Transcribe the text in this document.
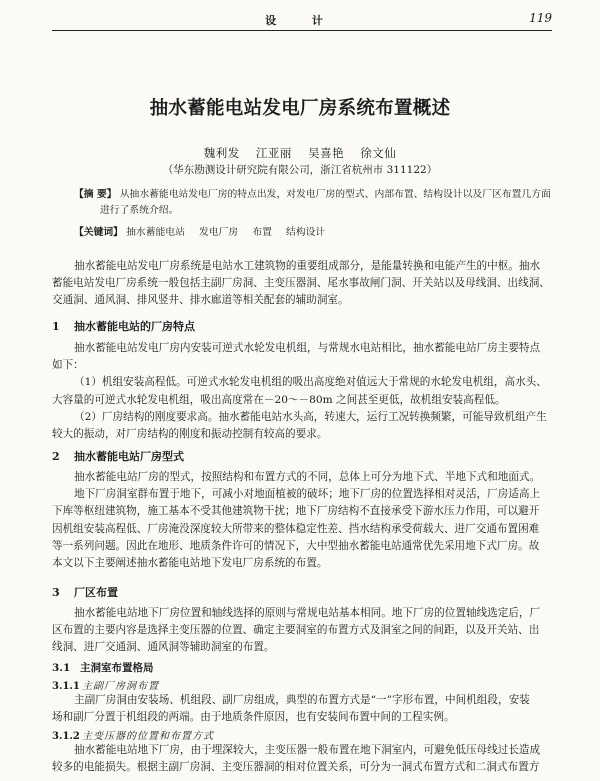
设 计	119
抽水蓄能电站发电厂房系统布置概述
魏利发 江亚丽 吴喜艳 徐文仙
（华东勘测设计研究院有限公司，浙江省杭州市 311122）
【摘 要】 从抽水蓄能电站发电厂房的特点出发，对发电厂房的型式、内部布置、结构设计以及厂区布置几方面
进行了系统介绍。
【关键词】 抽水蓄能电站 发电厂房 布置 结构设计
抽水蓄能电站发电厂房系统是电站水工建筑物的重要组成部分，是能量转换和电能产生的中枢。抽水
蓄能电站发电厂房系统一般包括主副厂房洞、主变压器洞、尾水事故闸门洞、开关站以及母线洞、出线洞、
交通洞、通风洞、排风竖井、排水廊道等相关配套的辅助洞室。
1 抽水蓄能电站的厂房特点
抽水蓄能电站发电厂房内安装可逆式水轮发电机组，与常规水电站相比，抽水蓄能电站厂房主要特点
如下：
（1）机组安装高程低。可逆式水轮发电机组的吸出高度绝对值远大于常规的水轮发电机组，高水头、
大容量的可逆式水轮发电机组，吸出高度常在－20～－80m 之间甚至更低，故机组安装高程低。
（2）厂房结构的刚度要求高。抽水蓄能电站水头高，转速大，运行工况转换频繁，可能导致机组产生
较大的振动，对厂房结构的刚度和振动控制有较高的要求。
2 抽水蓄能电站厂房型式
抽水蓄能电站厂房的型式，按照结构和布置方式的不同，总体上可分为地下式、半地下式和地面式。
地下厂房洞室群布置于地下，可减小对地面植被的破坏；地下厂房的位置选择相对灵活，厂房适高上
下库等枢纽建筑物，施工基本不受其他建筑物干扰；地下厂房结构不直接承受下游水压力作用，可以避开
因机组安装高程低、厂房淹没深度较大所带来的整体稳定性差、挡水结构承受荷载大、进厂交通布置困难
等一系列问题。因此在地形、地质条件许可的情况下，大中型抽水蓄能电站通常优先采用地下式厂房。故
本文以下主要阐述抽水蓄能电站地下发电厂房系统的布置。
3 厂区布置
抽水蓄能电站地下厂房位置和轴线选择的原则与常规电站基本相同。地下厂房的位置轴线选定后，厂
区布置的主要内容是选择主变压器的位置、确定主要洞室的布置方式及洞室之间的间距，以及开关站、出
线洞、进厂交通洞、通风洞等辅助洞室的布置。
3.1 主洞室布置格局
3.1.1 主副厂房洞布置
主副厂房洞由安装场、机组段、副厂房组成，典型的布置方式是“一”字形布置，中间机组段，安装
场和副厂分置于机组段的两端。由于地质条件原因，也有安装间布置中间的工程实例。
3.1.2 主变压器的位置和布置方式
抽水蓄能电站地下厂房，由于埋深较大，主变压器一般布置在地下洞室内，可避免低压母线过长造成
较多的电能损失。根据主副厂房洞、主变压器洞的相对位置关系，可分为一洞式布置方式和二洞式布置方
